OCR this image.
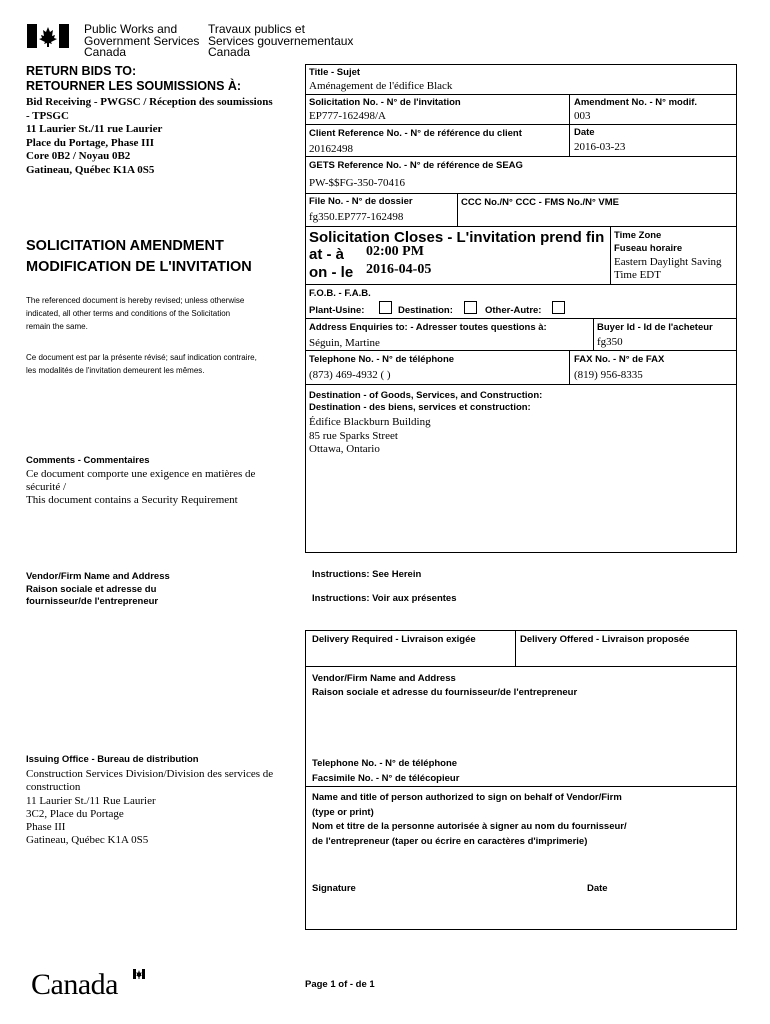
Public Works and
Government Services
Canada
Travaux publics et
Services gouvernementaux
Canada
RETURN BIDS TO:
RETOURNER LES SOUMISSIONS À:
Bid Receiving - PWGSC / Réception des soumissions
- TPSGC
11 Laurier St./11 rue Laurier
Place du Portage, Phase III
Core 0B2 / Noyau 0B2
Gatineau, Québec K1A 0S5
SOLICITATION AMENDMENT
MODIFICATION DE L'INVITATION
The referenced document is hereby revised; unless otherwise
indicated, all other terms and conditions of the Solicitation
remain the same.
Ce document est par la présente révisé; sauf indication contraire,
les modalités de l'invitation demeurent les mêmes.
Comments - Commentaires
Ce document comporte une exigence en matières de
sécurité /
This document contains a Security Requirement
Vendor/Firm Name and Address
Raison sociale et adresse du
fournisseur/de l'entrepreneur
Issuing Office - Bureau de distribution
Construction Services Division/Division des services de
construction
11 Laurier St./11 Rue Laurier
3C2, Place du Portage
Phase III
Gatineau, Québec K1A 0S5
Title - Sujet
Aménagement de l'édifice Black
Solicitation No. - N° de l'invitation
EP777-162498/A
Amendment No. - N° modif.
003
Client Reference No. - N° de référence du client
20162498
Date
2016-03-23
GETS Reference No. - N° de référence de SEAG
PW-$$FG-350-70416
File No. - N° de dossier
fg350.EP777-162498
CCC No./N° CCC - FMS No./N° VME
Solicitation Closes - L'invitation prend fin
at - à 02:00 PM
on - le 2016-04-05
Time Zone
Fuseau horaire
Eastern Daylight Saving
Time EDT
F.O.B. - F.A.B.
Plant-Usine:	Destination:	Other-Autre:
Address Enquiries to: - Adresser toutes questions à:
Séguin, Martine
Buyer Id - Id de l'acheteur
fg350
Telephone No. - N° de téléphone
(873) 469-4932 ( )
FAX No. - N° de FAX
(819) 956-8335
Destination - of Goods, Services, and Construction:
Destination - des biens, services et construction:
Édifice Blackburn Building
85 rue Sparks Street
Ottawa, Ontario
Instructions: See Herein
Instructions: Voir aux présentes
Delivery Required - Livraison exigée	Delivery Offered - Livraison proposée
Vendor/Firm Name and Address
Raison sociale et adresse du fournisseur/de l'entrepreneur
Telephone No. - N° de téléphone
Facsimile No. - N° de télécopieur
Name and title of person authorized to sign on behalf of Vendor/Firm
(type or print)
Nom et titre de la personne autorisée à signer au nom du fournisseur/
de l'entrepreneur (taper ou écrire en caractères d'imprimerie)
Signature	Date
Canada	Page 1 of - de 1
